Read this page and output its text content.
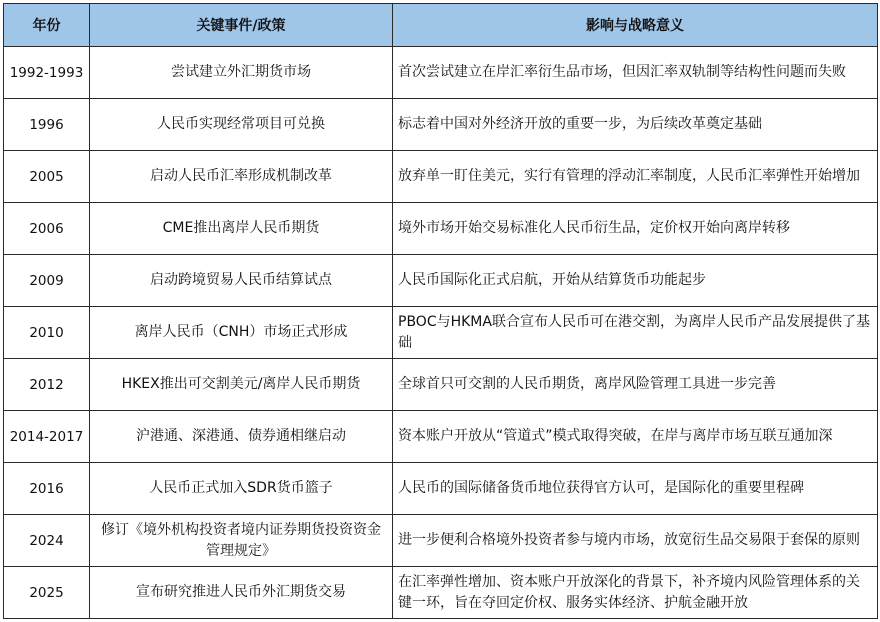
年份	关键事件/政策	影响与战略意义
1992-1993	尝试建立外汇期货市场	首次尝试建立在岸汇率衍生品市场，但因汇率双轨制等结构性问题而失败
1996	人民币实现经常项目可兑换	标志着中国对外经济开放的重要一步，为后续改革奠定基础
2005	启动人民币汇率形成机制改革	放弃单一盯住美元，实行有管理的浮动汇率制度，人民币汇率弹性开始增加
2006	CME推出离岸人民币期货	境外市场开始交易标准化人民币衍生品，定价权开始向离岸转移
2009	启动跨境贸易人民币结算试点	人民币国际化正式启航，开始从结算货币功能起步
2010	离岸人民币（CNH）市场正式形成	PBOC与HKMA联合宣布人民币可在港交割，为离岸人民币产品发展提供了基础
2012	HKEX推出可交割美元/离岸人民币期货	全球首只可交割的人民币期货，离岸风险管理工具进一步完善
2014-2017	沪港通、深港通、债券通相继启动	资本账户开放从“管道式”模式取得突破，在岸与离岸市场互联互通加深
2016	人民币正式加入SDR货币篮子	人民币的国际储备货币地位获得官方认可，是国际化的重要里程碑
2024	修订《境外机构投资者境内证券期货投资资金管理规定》	进一步便利合格境外投资者参与境内市场，放宽衍生品交易限于套保的原则
2025	宣布研究推进人民币外汇期货交易	在汇率弹性增加、资本账户开放深化的背景下，补齐境内风险管理体系的关键一环，旨在夺回定价权、服务实体经济、护航金融开放
